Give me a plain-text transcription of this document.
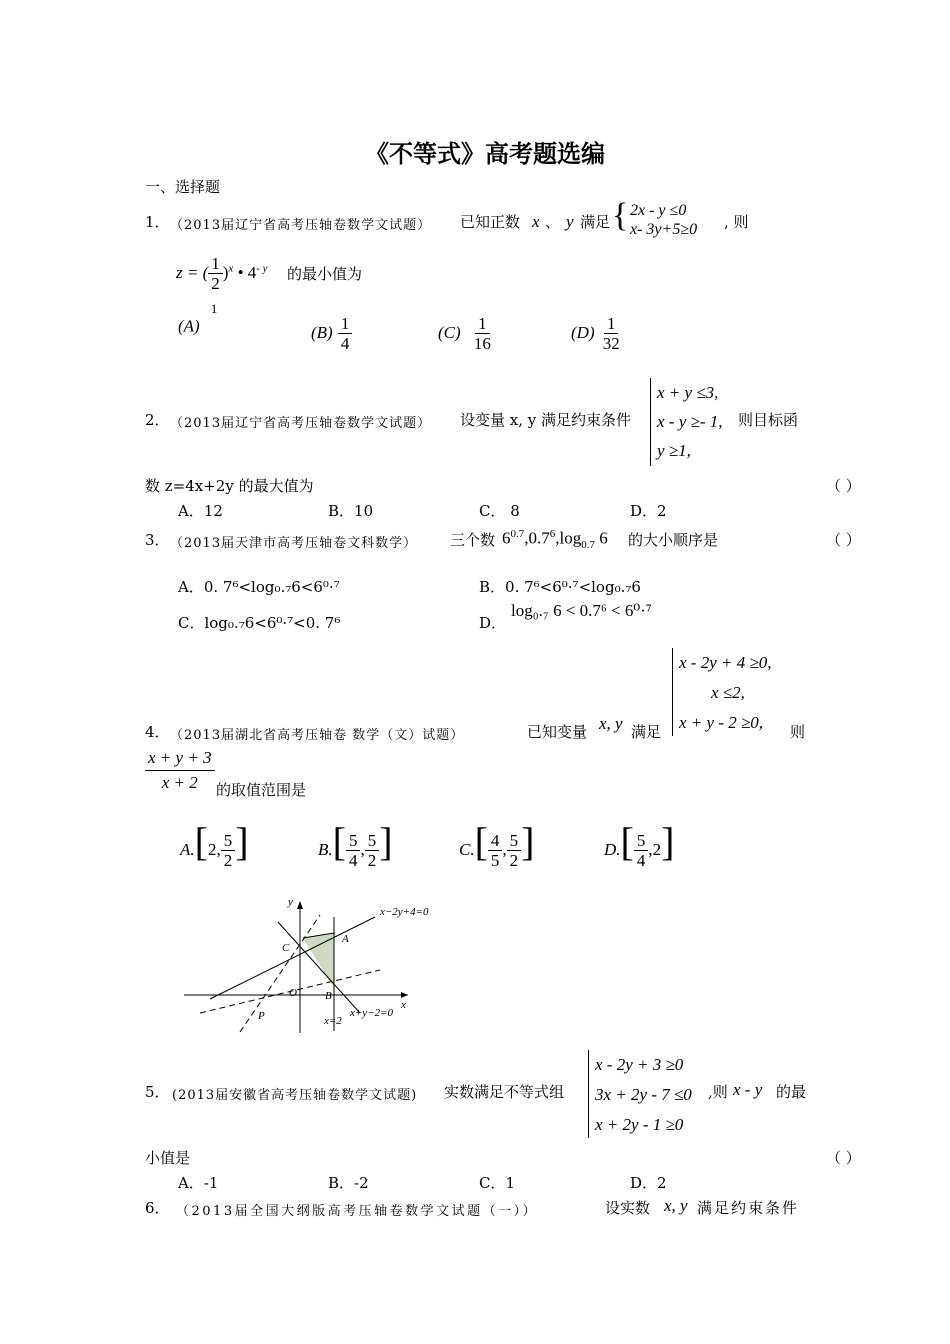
《不等式》高考题选编
一、选择题
1． （2013届辽宁省高考压轴卷数学文试题） 已知正数 x 、 y 满足 { 2x - y ≤0
x- 3y+5≥0 , 则
z = ( $\frac{1}{2} )^x$ • $4^{- y}$ 的最小值为
(A) $^1$
$(B) \frac{1}{4}$	$(C) \frac{1}{16}$	$(D) \frac{1}{32}$
2． （2013届辽宁省高考压轴卷数学文试题） 设变量 x, y 满足约束条件
x + y ≤3,
x - y ≥- 1,
y ≥1,
则目标函
数 z=4x+2y 的最大值为	（ ）
A．12	B．10	C． 8	D．2
3． （2013届天津市高考压轴卷文科数学） 三个数 $6^{0.7},0.7^6,\log_{0.7}$ 6 的大小顺序是	（ ）
A．0. 7⁶<log₀.₇6<6⁰·⁷	B．0. 7⁶<6⁰·⁷<log₀.₇6
C．log₀.₇6<6⁰·⁷<0. 7⁶	D．
log₀.₇ 6 < 0.7⁶ < 6⁰·⁷
4． （2013届湖北省高考压轴卷 数学（文）试题）	已知变量 x, y 满足
x - 2y + 4 ≥0,
x ≤2,
x + y - 2 ≥0,	则
$\frac{x + y + 3}{x + 2}$ 的取值范围是
A.[2, $\frac{5}{2}$ ]	$B.[ \frac{5}{4}$ , $\frac{5}{2}$ ]	$C.[ \frac{4}{5}$ , $\frac{5}{2}$ ]	$D.[ \frac{5}{4} ,2]$
y
x
x−2y+4=0
A
B
C
O
P	x=2
x+y−2=0
5． (2013届安徽省高考压轴卷数学文试题) 实数满足不等式组
x - 2y + 3 ≥0
3x + 2y - 7 ≤0
x + 2y - 1 ≥0
,则 x - y 的最
小值是	（ ）
A．-1	B．-2	C．1	D．2
6． （2013届全国大纲版高考压轴卷数学文试题（一））	设实数 x, y 满足约束条件
